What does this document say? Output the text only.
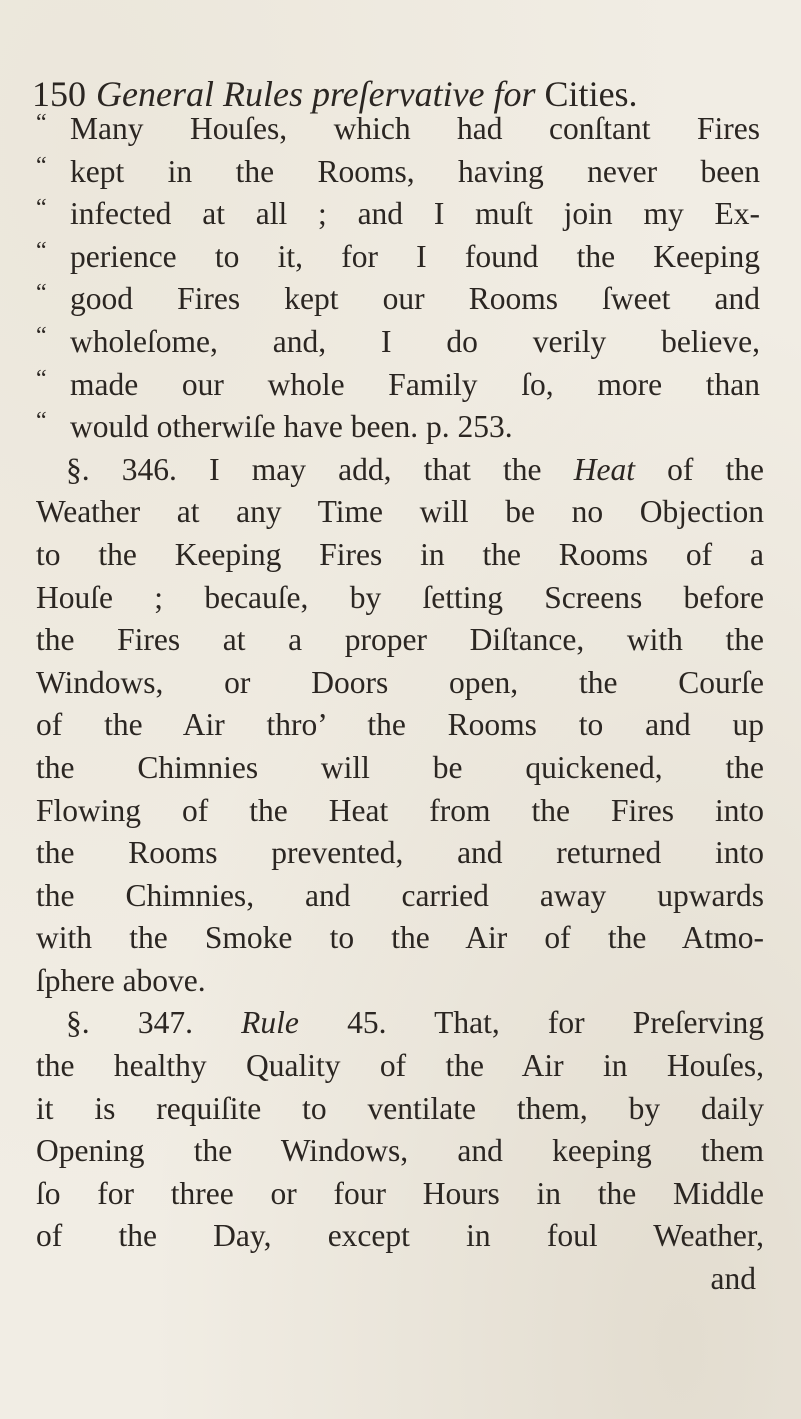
150 General Rules preſervative for Cities.
“ Many Houſes, which had conſtant Fires
“ kept in the Rooms, having never been
“ infected at all ; and I muſt join my Ex-
“ perience to it, for I found the Keeping
“ good Fires kept our Rooms ſweet and
“ wholeſome, and, I do verily believe,
“ made our whole Family ſo, more than
“ would otherwiſe have been. p. 253.
§. 346. I may add, that the Heat of the
Weather at any Time will be no Objection
to the Keeping Fires in the Rooms of a
Houſe ; becauſe, by ſetting Screens before
the Fires at a proper Diſtance, with the
Windows, or Doors open, the Courſe
of the Air thro’ the Rooms to and up
the Chimnies will be quickened, the
Flowing of the Heat from the Fires into
the Rooms prevented, and returned into
the Chimnies, and carried away upwards
with the Smoke to the Air of the Atmo-
ſphere above.
§. 347. Rule 45. That, for Preſerving
the healthy Quality of the Air in Houſes,
it is requiſite to ventilate them, by daily
Opening the Windows, and keeping them
ſo for three or four Hours in the Middle
of the Day, except in foul Weather,
and
